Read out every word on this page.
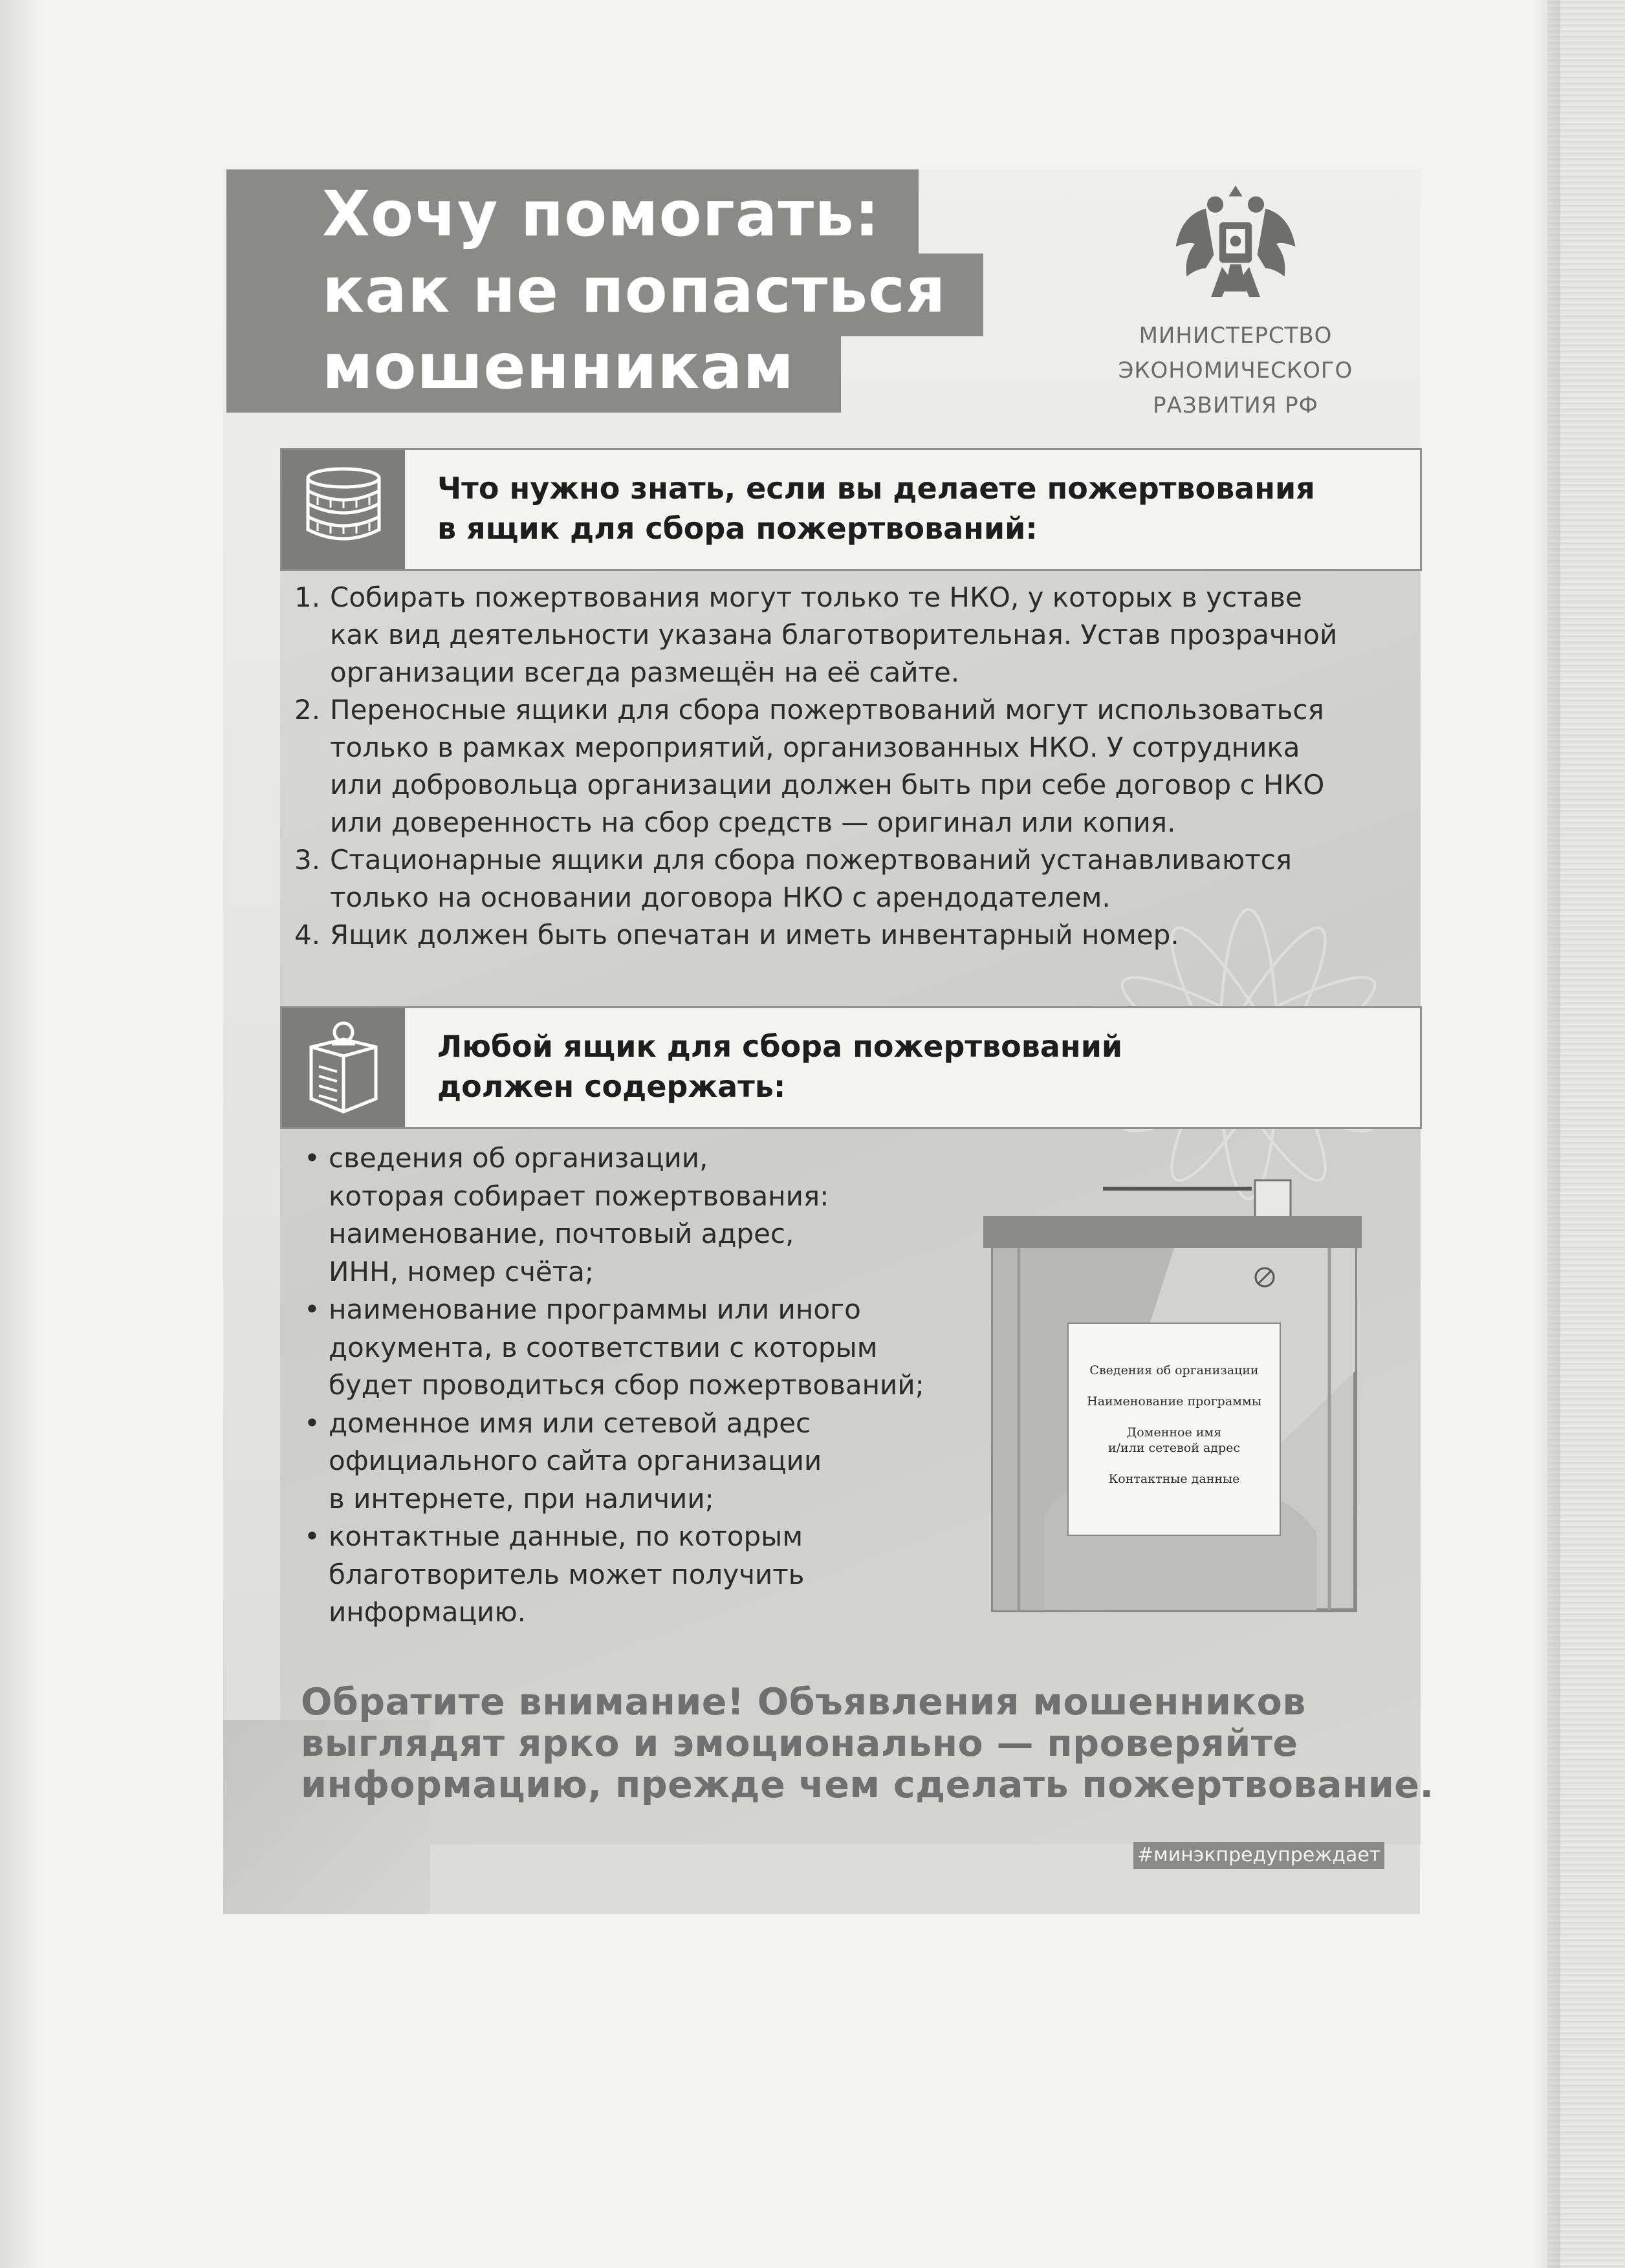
Хочу помогать:
как не попасться
мошенникам	МИНИСТЕРСТВО
ЭКОНОМИЧЕСКОГО
РАЗВИТИЯ РФ
Что нужно знать, если вы делаете пожертвования
в ящик для сбора пожертвований:
1. Собирать пожертвования могут только те НКО, у которых в уставе
как вид деятельности указана благотворительная. Устав прозрачной
организации всегда размещён на её сайте.
2. Переносные ящики для сбора пожертвований могут использоваться
только в рамках мероприятий, организованных НКО. У сотрудника
или добровольца организации должен быть при себе договор с НКО
или доверенность на сбор средств — оригинал или копия.
3. Стационарные ящики для сбора пожертвований устанавливаются
только на основании договора НКО с арендодателем.
4. Ящик должен быть опечатан и иметь инвентарный номер.
Любой ящик для сбора пожертвований
должен содержать:
• сведения об организации,
которая собирает пожертвования:
наименование, почтовый адрес,
ИНН, номер счёта;
• наименование программы или иного
документа, в соответствии с которым
будет проводиться сбор пожертвований;
• доменное имя или сетевой адрес
официального сайта организации
в интернете, при наличии;
• контактные данные, по которым
благотворитель может получить
информацию.
Сведения об организации
Наименование программы
Доменное имя
и/или сетевой адрес
Контактные данные

Обратите внимание! Объявления мошенников
выглядят ярко и эмоционально — проверяйте
информацию, прежде чем сделать пожертвование.

#минэкпредупреждает
